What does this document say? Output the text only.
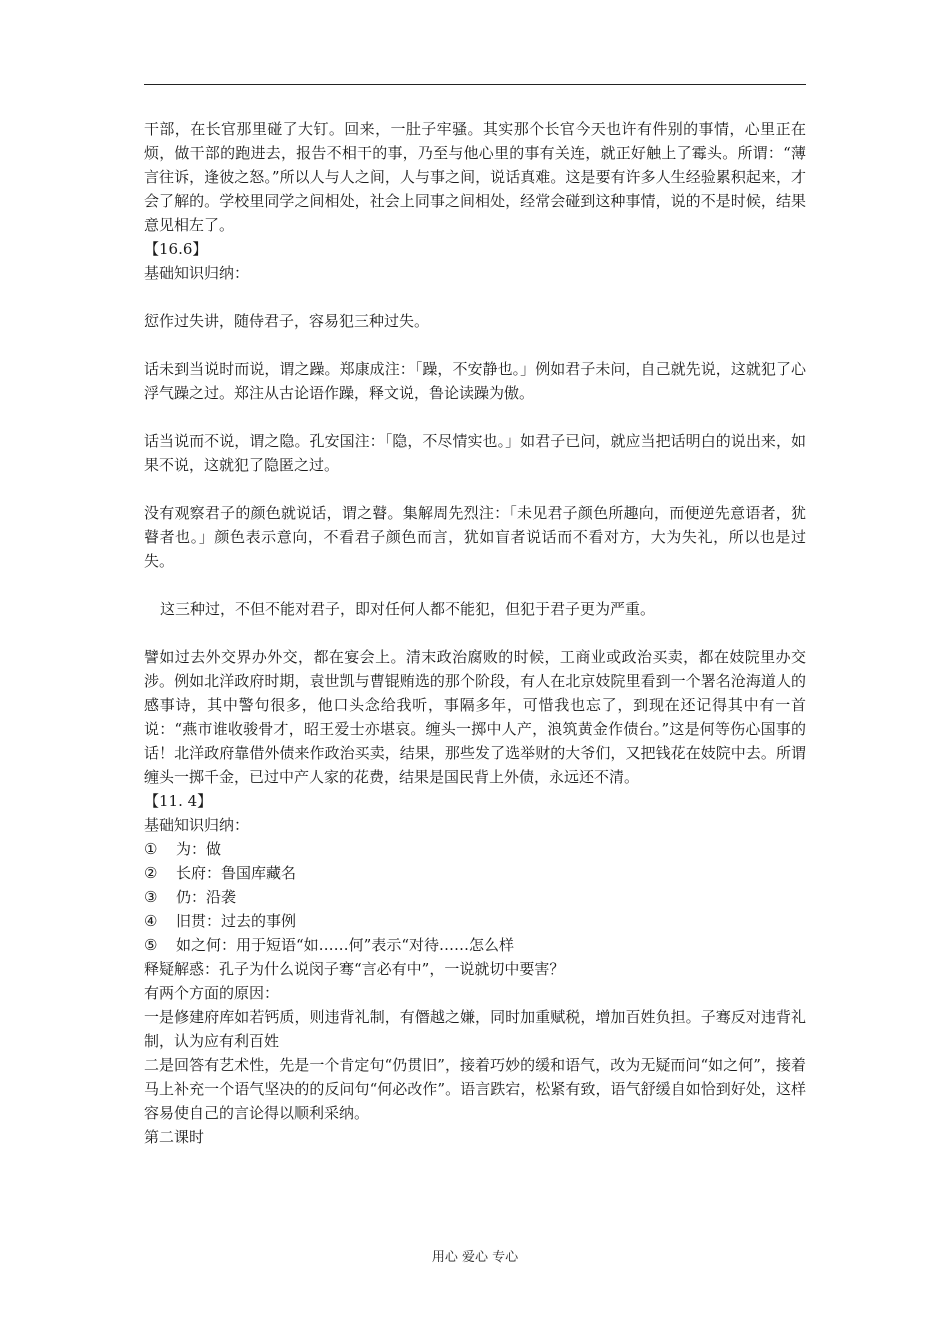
干部，在长官那里碰了大钉。回来，一肚子牢骚。其实那个长官今天也许有件别的事情，心里正在烦，做干部的跑进去，报告不相干的事，乃至与他心里的事有关连，就正好触上了霉头。所谓：“薄言往诉，逢彼之怒。”所以人与人之间，人与事之间，说话真难。这是要有许多人生经验累积起来，才会了解的。学校里同学之间相处，社会上同事之间相处，经常会碰到这种事情，说的不是时候，结果意见相左了。

【16.6】

基础知识归纳：

愆作过失讲，随侍君子，容易犯三种过失。

话未到当说时而说，谓之躁。郑康成注：「躁，不安静也。」例如君子未问，自己就先说，这就犯了心浮气躁之过。郑注从古论语作躁，释文说，鲁论读躁为傲。

话当说而不说，谓之隐。孔安国注：「隐，不尽情实也。」如君子已问，就应当把话明白的说出来，如果不说，这就犯了隐匿之过。

没有观察君子的颜色就说话，谓之瞽。集解周先烈注：「未见君子颜色所趣向，而便逆先意语者，犹瞽者也。」颜色表示意向，不看君子颜色而言，犹如盲者说话而不看对方，大为失礼，所以也是过失。

这三种过，不但不能对君子，即对任何人都不能犯，但犯于君子更为严重。

譬如过去外交界办外交，都在宴会上。清末政治腐败的时候，工商业或政治买卖，都在妓院里办交涉。例如北洋政府时期，袁世凯与曹锟贿选的那个阶段，有人在北京妓院里看到一个署名沧海道人的感事诗，其中警句很多，他口头念给我听，事隔多年，可惜我也忘了，到现在还记得其中有一首说：“燕市谁收骏骨才，昭王爱士亦堪哀。缠头一掷中人产，浪筑黄金作债台。”这是何等伤心国事的话！北洋政府靠借外债来作政治买卖，结果，那些发了选举财的大爷们，又把钱花在妓院中去。所谓缠头一掷千金，已过中产人家的花费，结果是国民背上外债，永远还不清。

【11. 4】

基础知识归纳：

①	为：做
②	长府：鲁国库藏名
③	仍：沿袭
④	旧贯：过去的事例
⑤	如之何：用于短语“如……何”表示“对待……怎么样

释疑解惑：孔子为什么说闵子骞“言必有中”，一说就切中要害？

有两个方面的原因：

一是修建府库如若钙质，则违背礼制，有僭越之嫌，同时加重赋税，增加百姓负担。子骞反对违背礼制，认为应有利百姓

二是回答有艺术性，先是一个肯定句“仍贯旧”，接着巧妙的缓和语气，改为无疑而问“如之何”，接着马上补充一个语气坚决的的反问句“何必改作”。语言跌宕，松紧有致，语气舒缓自如恰到好处，这样容易使自己的言论得以顺利采纳。

第二课时

用心 爱心 专心
